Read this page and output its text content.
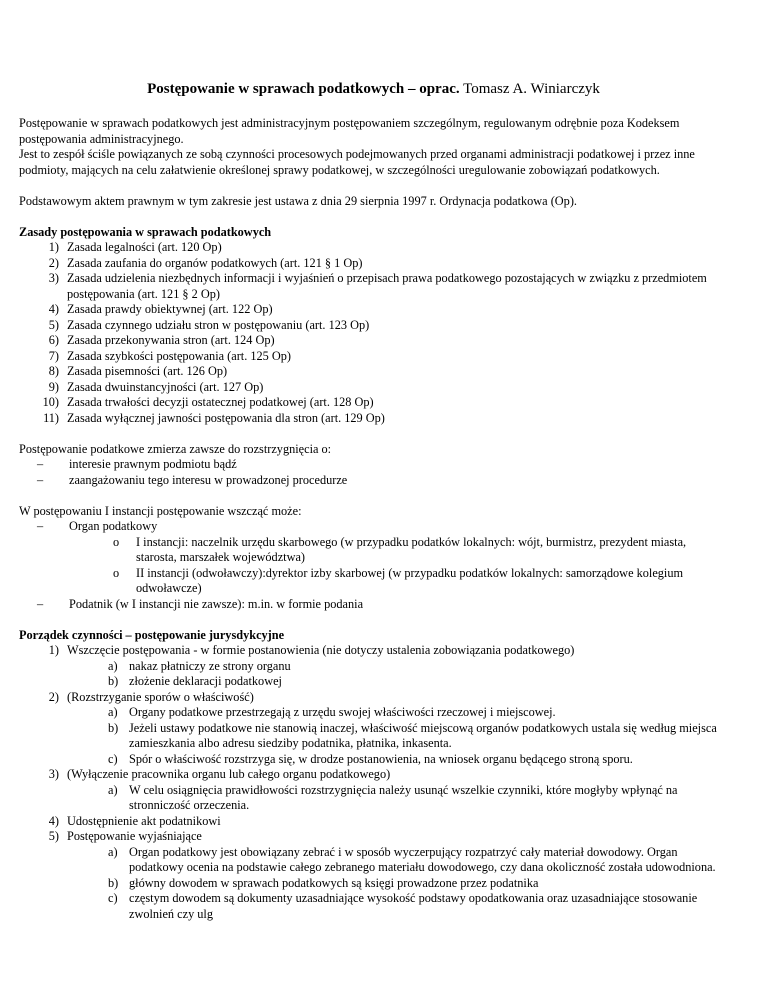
Postępowanie w sprawach podatkowych – oprac. Tomasz A. Winiarczyk

Postępowanie w sprawach podatkowych jest administracyjnym postępowaniem szczególnym, regulowanym odrębnie poza Kodeksem postępowania administracyjnego.

Jest to zespół ściśle powiązanych ze sobą czynności procesowych podejmowanych przed organami administracji podatkowej i przez inne podmioty, mających na celu załatwienie określonej sprawy podatkowej, w szczególności uregulowanie zobowiązań podatkowych.

Podstawowym aktem prawnym w tym zakresie jest ustawa z dnia 29 sierpnia 1997 r. Ordynacja podatkowa (Op).

Zasady postępowania w sprawach podatkowych
1) Zasada legalności (art. 120 Op)
2) Zasada zaufania do organów podatkowych (art. 121 § 1 Op)
3) Zasada udzielenia niezbędnych informacji i wyjaśnień o przepisach prawa podatkowego pozostających w związku z przedmiotem postępowania (art. 121 § 2 Op)
4) Zasada prawdy obiektywnej (art. 122 Op)
5) Zasada czynnego udziału stron w postępowaniu (art. 123 Op)
6) Zasada przekonywania stron (art. 124 Op)
7) Zasada szybkości postępowania (art. 125 Op)
8) Zasada pisemności (art. 126 Op)
9) Zasada dwuinstancyjności (art. 127 Op)
10) Zasada trwałości decyzji ostatecznej podatkowej (art. 128 Op)
11) Zasada wyłącznej jawności postępowania dla stron (art. 129 Op)

Postępowanie podatkowe zmierza zawsze do rozstrzygnięcia o:

– interesie prawnym podmiotu bądź
– zaangażowaniu tego interesu w prowadzonej procedurze

W postępowaniu I instancji postępowanie wszcząć może:

– Organ podatkowy
o I instancji: naczelnik urzędu skarbowego (w przypadku podatków lokalnych: wójt, burmistrz, prezydent miasta, starosta, marszałek województwa)
o II instancji (odwoławczy):dyrektor izby skarbowej (w przypadku podatków lokalnych: samorządowe kolegium odwoławcze)
– Podatnik (w I instancji nie zawsze): m.in. w formie podania
Porządek czynności – postępowanie jurysdykcyjne
1) Wszczęcie postępowania - w formie postanowienia (nie dotyczy ustalenia zobowiązania podatkowego)
a) nakaz płatniczy ze strony organu
b) złożenie deklaracji podatkowej
2) (Rozstrzyganie sporów o właściwość)
a) Organy podatkowe przestrzegają z urzędu swojej właściwości rzeczowej i miejscowej.
b) Jeżeli ustawy podatkowe nie stanowią inaczej, właściwość miejscową organów podatkowych ustala się według miejsca zamieszkania albo adresu siedziby podatnika, płatnika, inkasenta.
c) Spór o właściwość rozstrzyga się, w drodze postanowienia, na wniosek organu będącego stroną sporu.
3) (Wyłączenie pracownika organu lub całego organu podatkowego)
a) W celu osiągnięcia prawidłowości rozstrzygnięcia należy usunąć wszelkie czynniki, które mogłyby wpłynąć na stronniczość orzeczenia.
4) Udostępnienie akt podatnikowi
5) Postępowanie wyjaśniające
a) Organ podatkowy jest obowiązany zebrać i w sposób wyczerpujący rozpatrzyć cały materiał dowodowy. Organ podatkowy ocenia na podstawie całego zebranego materiału dowodowego, czy dana okoliczność została udowodniona.
b) główny dowodem w sprawach podatkowych są księgi prowadzone przez podatnika
c) częstym dowodem są dokumenty uzasadniające wysokość podstawy opodatkowania oraz uzasadniające stosowanie zwolnień czy ulg
